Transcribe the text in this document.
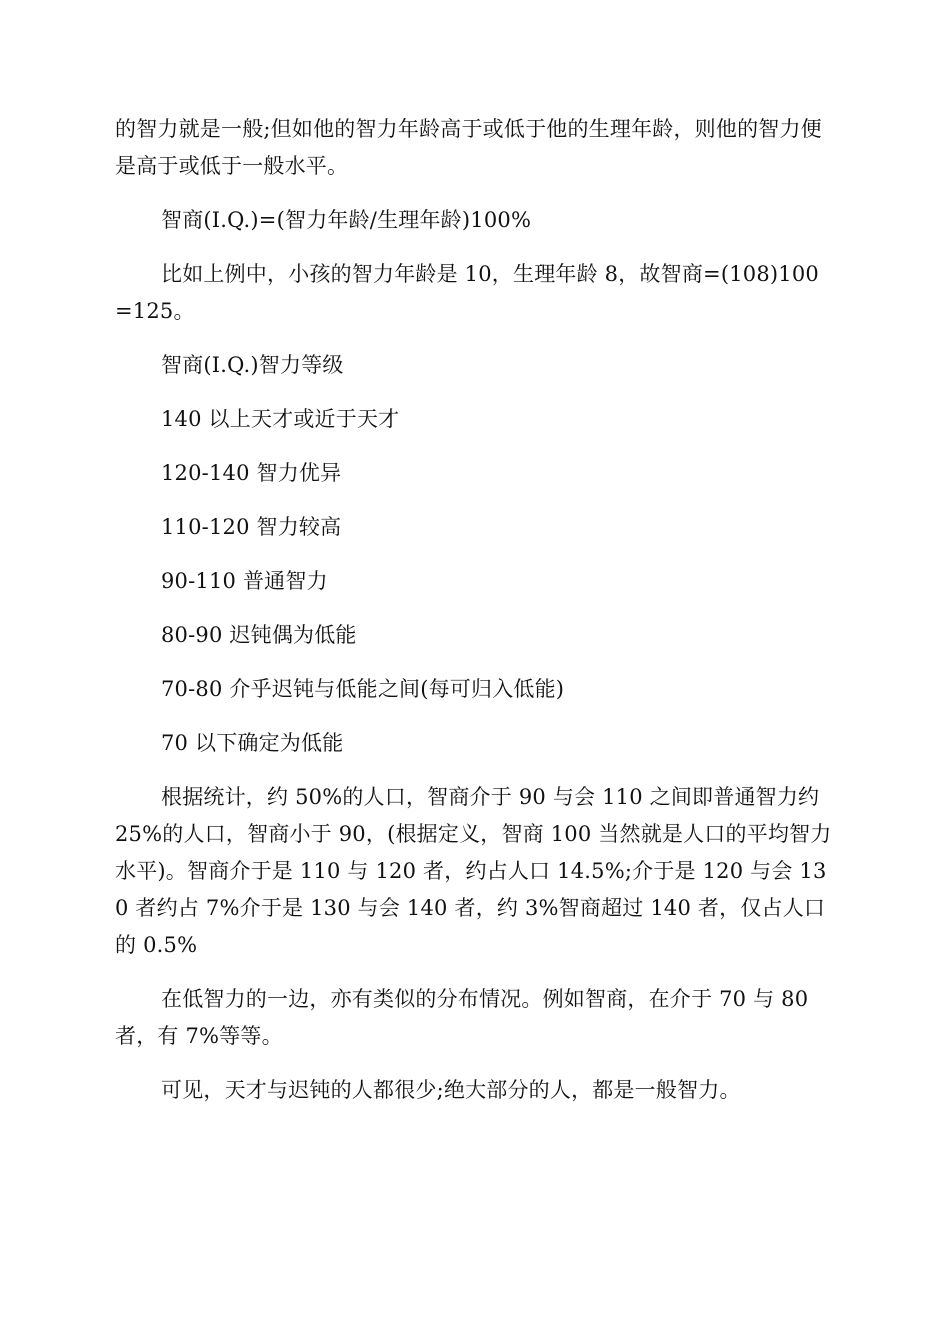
的智力就是一般;但如他的智力年龄高于或低于他的生理年龄，则他的智力便是高于或低于一般水平。

智商(I.Q.)=(智力年龄/生理年龄)100%

比如上例中，小孩的智力年龄是 10，生理年龄 8，故智商=(108)100=125。

智商(I.Q.)智力等级

140 以上天才或近于天才

120-140 智力优异

110-120 智力较高

90-110 普通智力

80-90 迟钝偶为低能

70-80 介乎迟钝与低能之间(每可归入低能)

70 以下确定为低能

根据统计，约 50%的人口，智商介于 90 与会 110 之间即普通智力约 25%的人口，智商小于 90，(根据定义，智商 100 当然就是人口的平均智力水平)。智商介于是 110 与 120 者，约占人口 14.5%;介于是 120 与会 130 者约占 7%介于是 130 与会 140 者，约 3%智商超过 140 者，仅占人口的 0.5%

在低智力的一边，亦有类似的分布情况。例如智商，在介于 70 与 80 者，有 7%等等。

可见，天才与迟钝的人都很少;绝大部分的人，都是一般智力。
